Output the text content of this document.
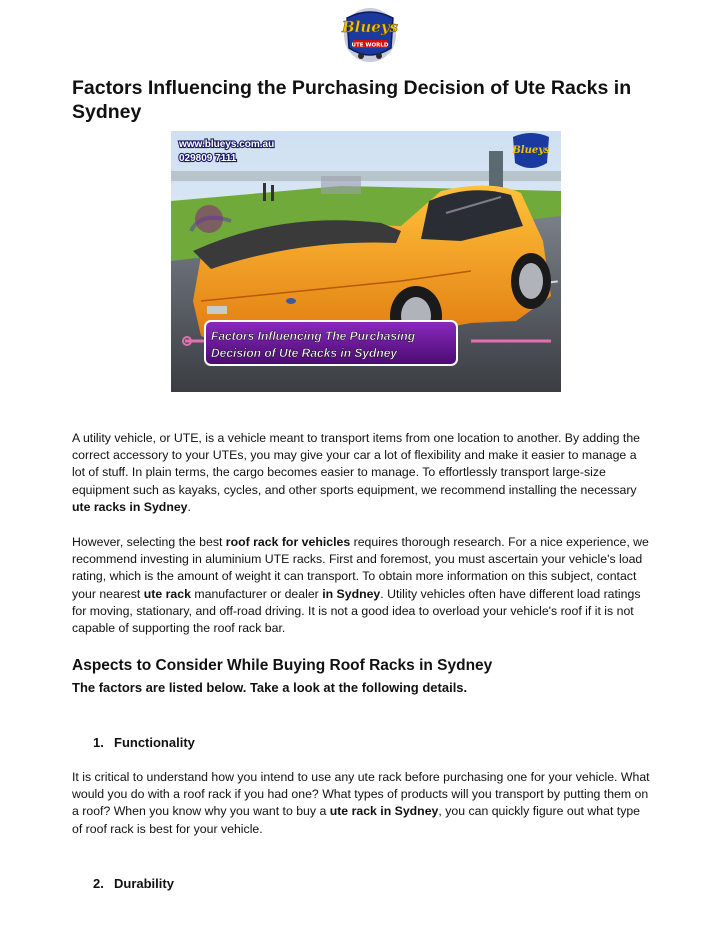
Blueys
UTE WORLD
Factors Influencing the Purchasing Decision of Ute Racks in Sydney
www.blueys.com.au
029809 7111
Blueys
Factors Influencing The Purchasing
Decision of Ute Racks in Sydney
A utility vehicle, or UTE, is a vehicle meant to transport items from one location to another. By adding the correct accessory to your UTEs, you may give your car a lot of flexibility and make it easier to manage a lot of stuff. In plain terms, the cargo becomes easier to manage. To effortlessly transport large-size equipment such as kayaks, cycles, and other sports equipment, we recommend installing the necessary ute racks in Sydney.
However, selecting the best roof rack for vehicles requires thorough research. For a nice experience, we recommend investing in aluminium UTE racks. First and foremost, you must ascertain your vehicle's load rating, which is the amount of weight it can transport. To obtain more information on this subject, contact your nearest ute rack manufacturer or dealer in Sydney. Utility vehicles often have different load ratings for moving, stationary, and off-road driving. It is not a good idea to overload your vehicle's roof if it is not capable of supporting the roof rack bar.
Aspects to Consider While Buying Roof Racks in Sydney
The factors are listed below. Take a look at the following details.
1. Functionality
It is critical to understand how you intend to use any ute rack before purchasing one for your vehicle. What would you do with a roof rack if you had one? What types of products will you transport by putting them on a roof? When you know why you want to buy a ute rack in Sydney, you can quickly figure out what type of roof rack is best for your vehicle.
2. Durability
